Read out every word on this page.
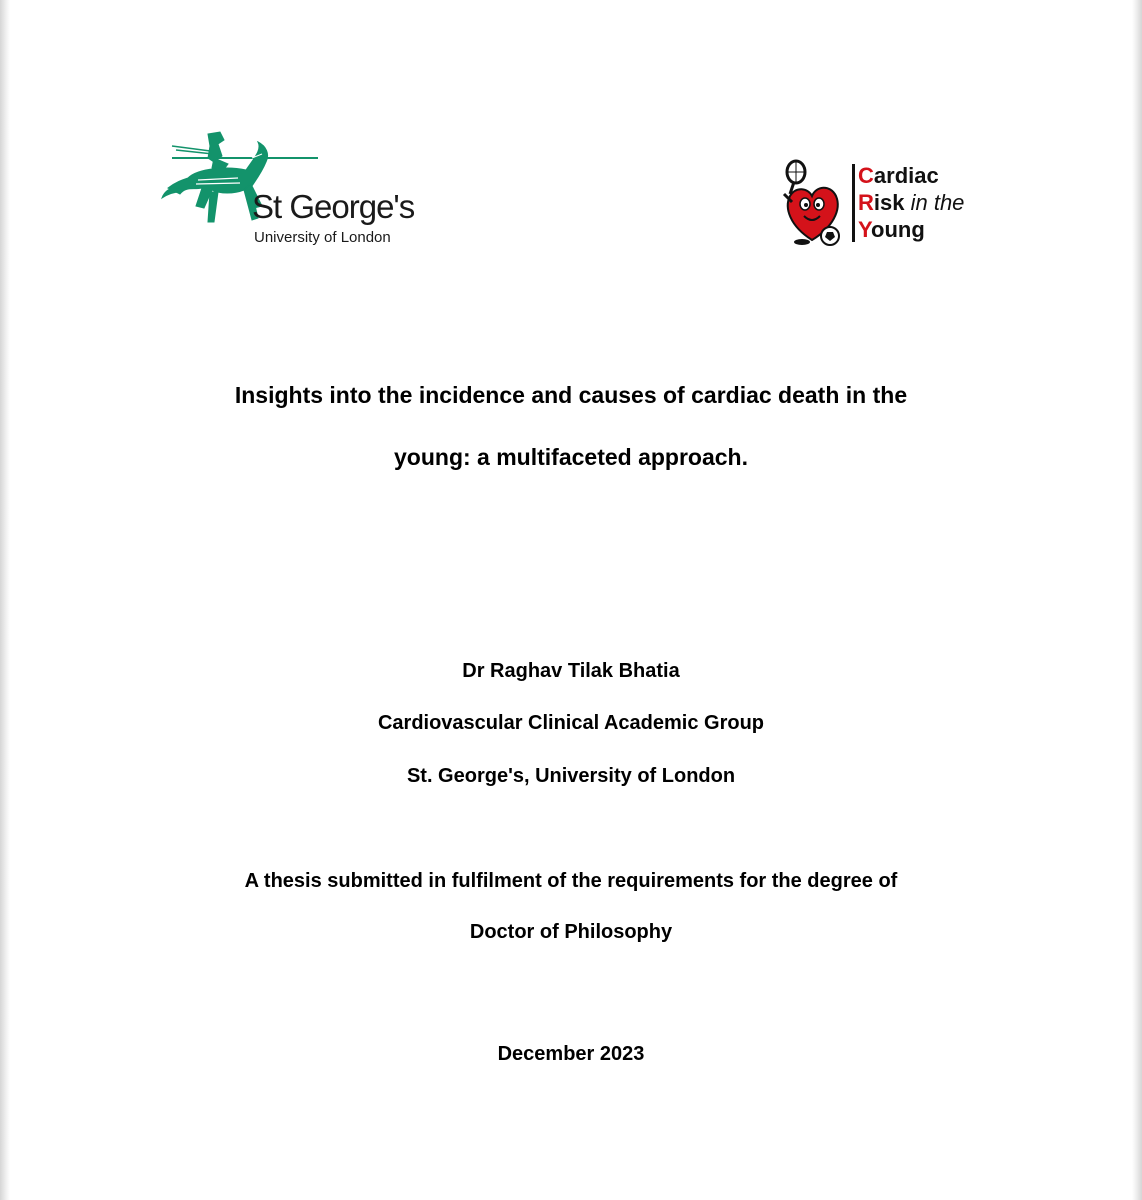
St George's
University of London
Cardiac
Risk in the
Young
Insights into the incidence and causes of cardiac death in the
young: a multifaceted approach.
Dr Raghav Tilak Bhatia
Cardiovascular Clinical Academic Group
St. George's, University of London
A thesis submitted in fulfilment of the requirements for the degree of
Doctor of Philosophy
December 2023
